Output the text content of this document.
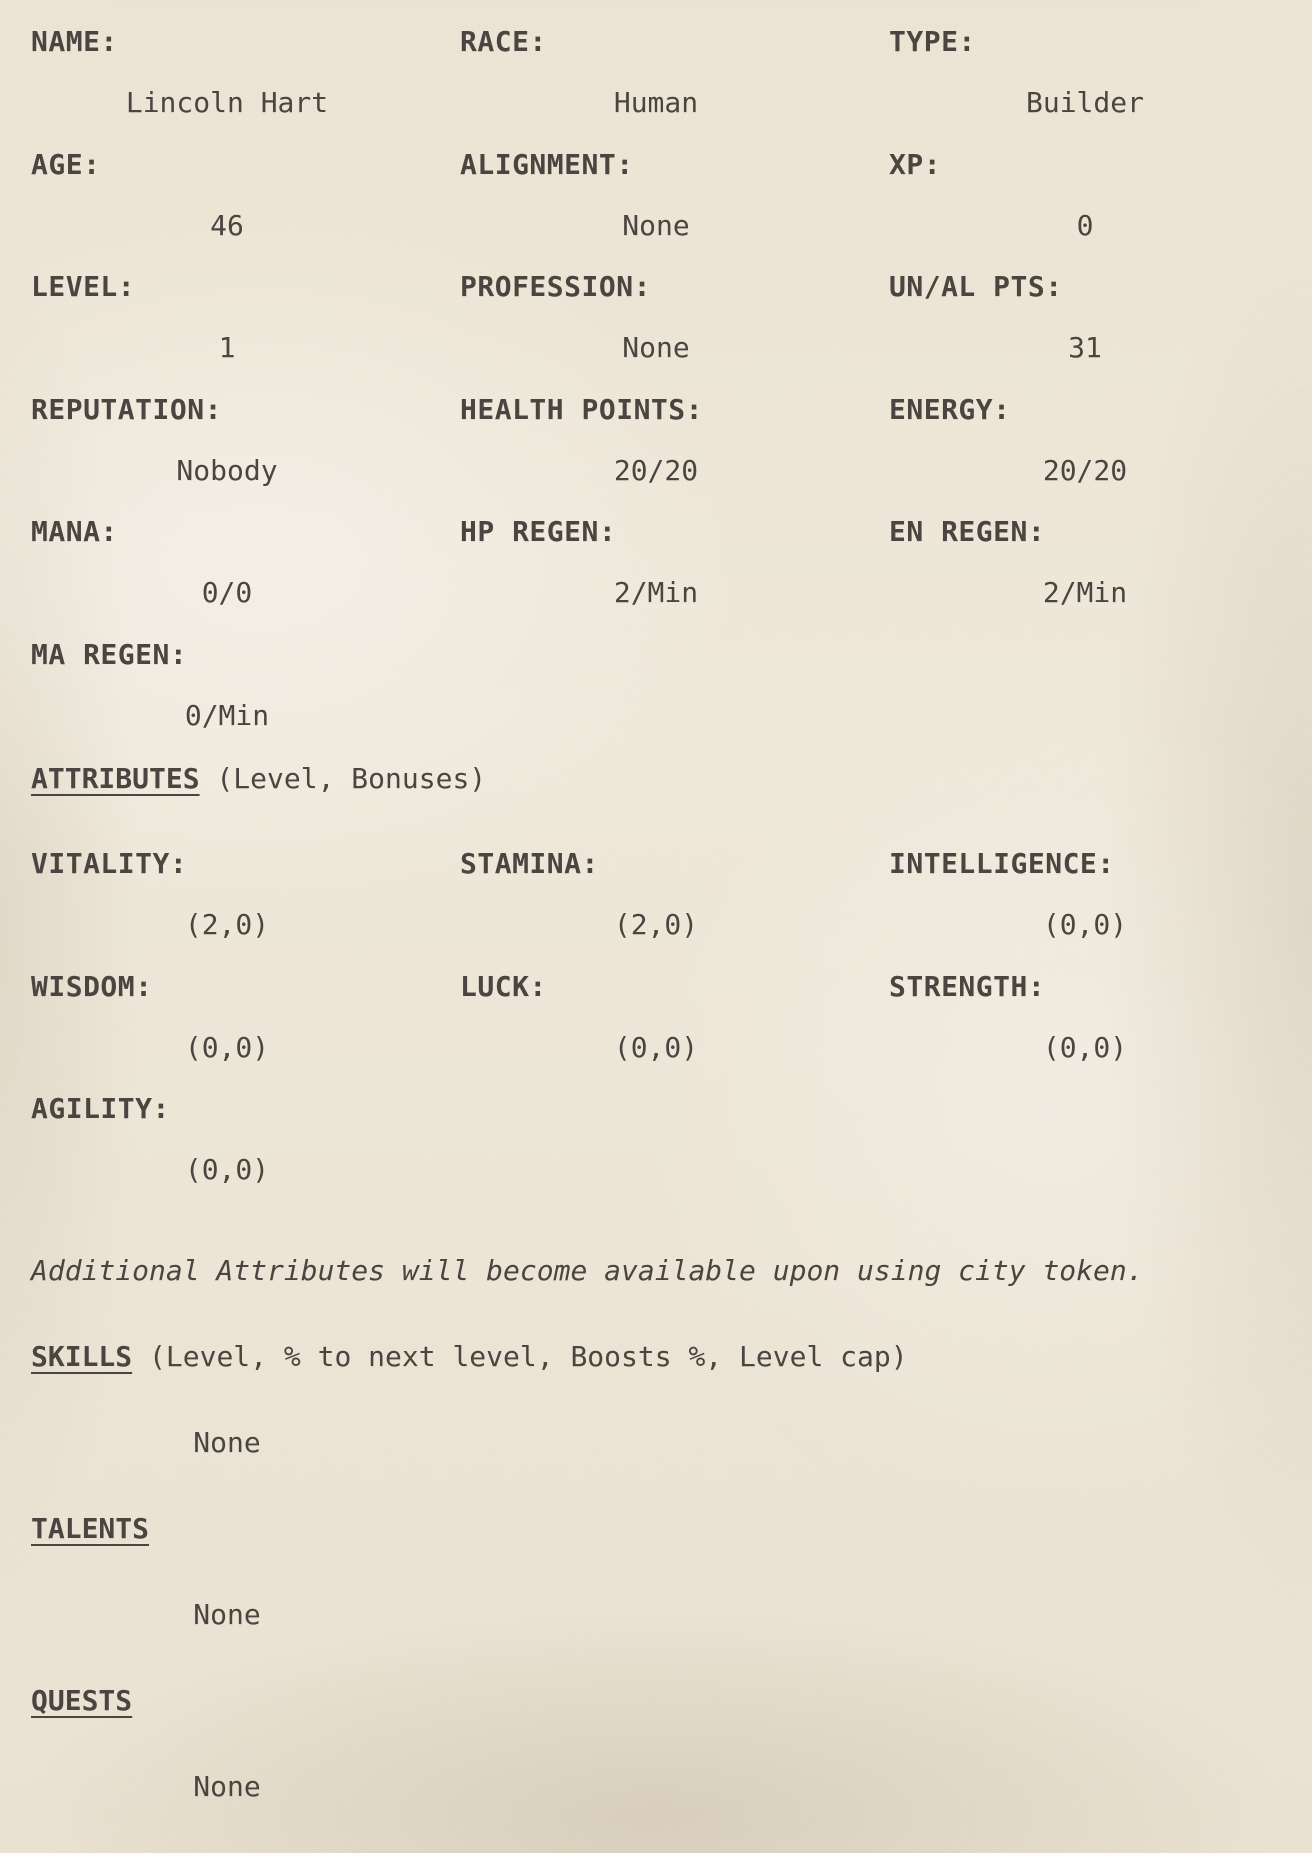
NAME:
Lincoln Hart
RACE:
Human
TYPE:
Builder
AGE:
46
ALIGNMENT:
None
XP:
0
LEVEL:
1
PROFESSION:
None
UN/AL PTS:
31
REPUTATION:
Nobody
HEALTH POINTS:
20/20
ENERGY:
20/20
MANA:
0/0
HP REGEN:
2/Min
EN REGEN:
2/Min
MA REGEN:
0/Min
ATTRIBUTES (Level, Bonuses)
VITALITY:
(2,0)
STAMINA:
(2,0)
INTELLIGENCE:
(0,0)
WISDOM:
(0,0)
LUCK:
(0,0)
STRENGTH:
(0,0)
AGILITY:
(0,0)
Additional Attributes will become available upon using city token.
SKILLS (Level, % to next level, Boosts %, Level cap)
None
TALENTS
None
QUESTS
None
